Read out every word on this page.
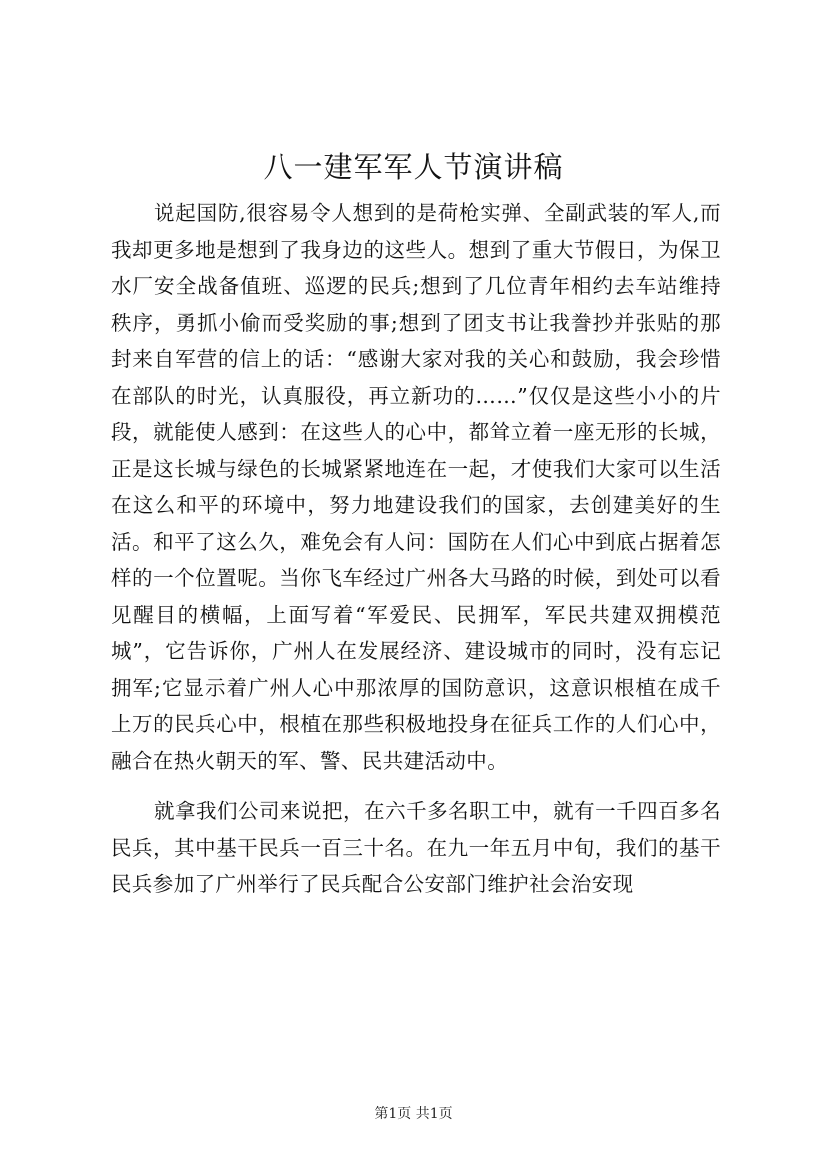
八一建军军人节演讲稿

说起国防,很容易令人想到的是荷枪实弹、全副武装的军人,而我却更多地是想到了我身边的这些人。想到了重大节假日，为保卫水厂安全战备值班、巡逻的民兵;想到了几位青年相约去车站维持秩序，勇抓小偷而受奖励的事;想到了团支书让我誊抄并张贴的那封来自军营的信上的话：“感谢大家对我的关心和鼓励，我会珍惜在部队的时光，认真服役，再立新功的……”仅仅是这些小小的片段，就能使人感到：在这些人的心中，都耸立着一座无形的长城，正是这长城与绿色的长城紧紧地连在一起，才使我们大家可以生活在这么和平的环境中，努力地建设我们的国家，去创建美好的生活。和平了这么久，难免会有人问：国防在人们心中到底占据着怎样的一个位置呢。当你飞车经过广州各大马路的时候，到处可以看见醒目的横幅，上面写着“军爱民、民拥军，军民共建双拥模范城”，它告诉你，广州人在发展经济、建设城市的同时，没有忘记拥军;它显示着广州人心中那浓厚的国防意识，这意识根植在成千上万的民兵心中，根植在那些积极地投身在征兵工作的人们心中，融合在热火朝天的军、警、民共建活动中。

就拿我们公司来说把，在六千多名职工中，就有一千四百多名民兵，其中基干民兵一百三十名。在九一年五月中旬，我们的基干民兵参加了广州举行了民兵配合公安部门维护社会治安现

第1页 共1页
